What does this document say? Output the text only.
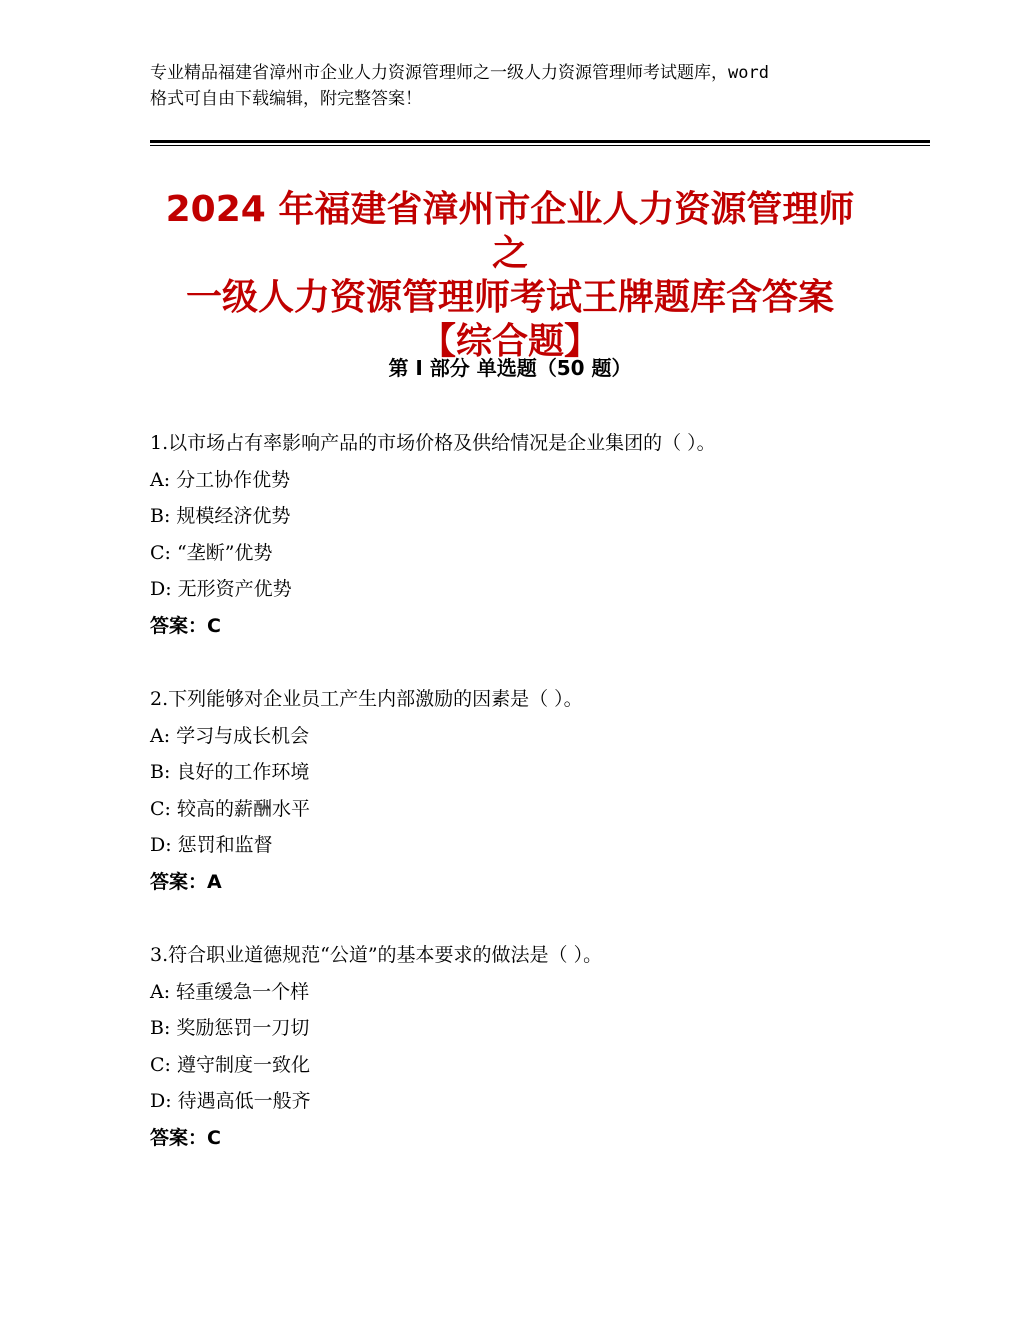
专业精品福建省漳州市企业人力资源管理师之一级人力资源管理师考试题库，word
格式可自由下载编辑，附完整答案！
2024 年福建省漳州市企业人力资源管理师之
一级人力资源管理师考试王牌题库含答案
【综合题】
第 I 部分 单选题（50 题）
1.以市场占有率影响产品的市场价格及供给情况是企业集团的（ ）。
A: 分工协作优势
B: 规模经济优势
C: “垄断”优势
D: 无形资产优势
答案：C
2.下列能够对企业员工产生内部激励的因素是（ ）。
A: 学习与成长机会
B: 良好的工作环境
C: 较高的薪酬水平
D: 惩罚和监督
答案：A
3.符合职业道德规范“公道”的基本要求的做法是（ ）。
A: 轻重缓急一个样
B: 奖励惩罚一刀切
C: 遵守制度一致化
D: 待遇高低一般齐
答案：C
